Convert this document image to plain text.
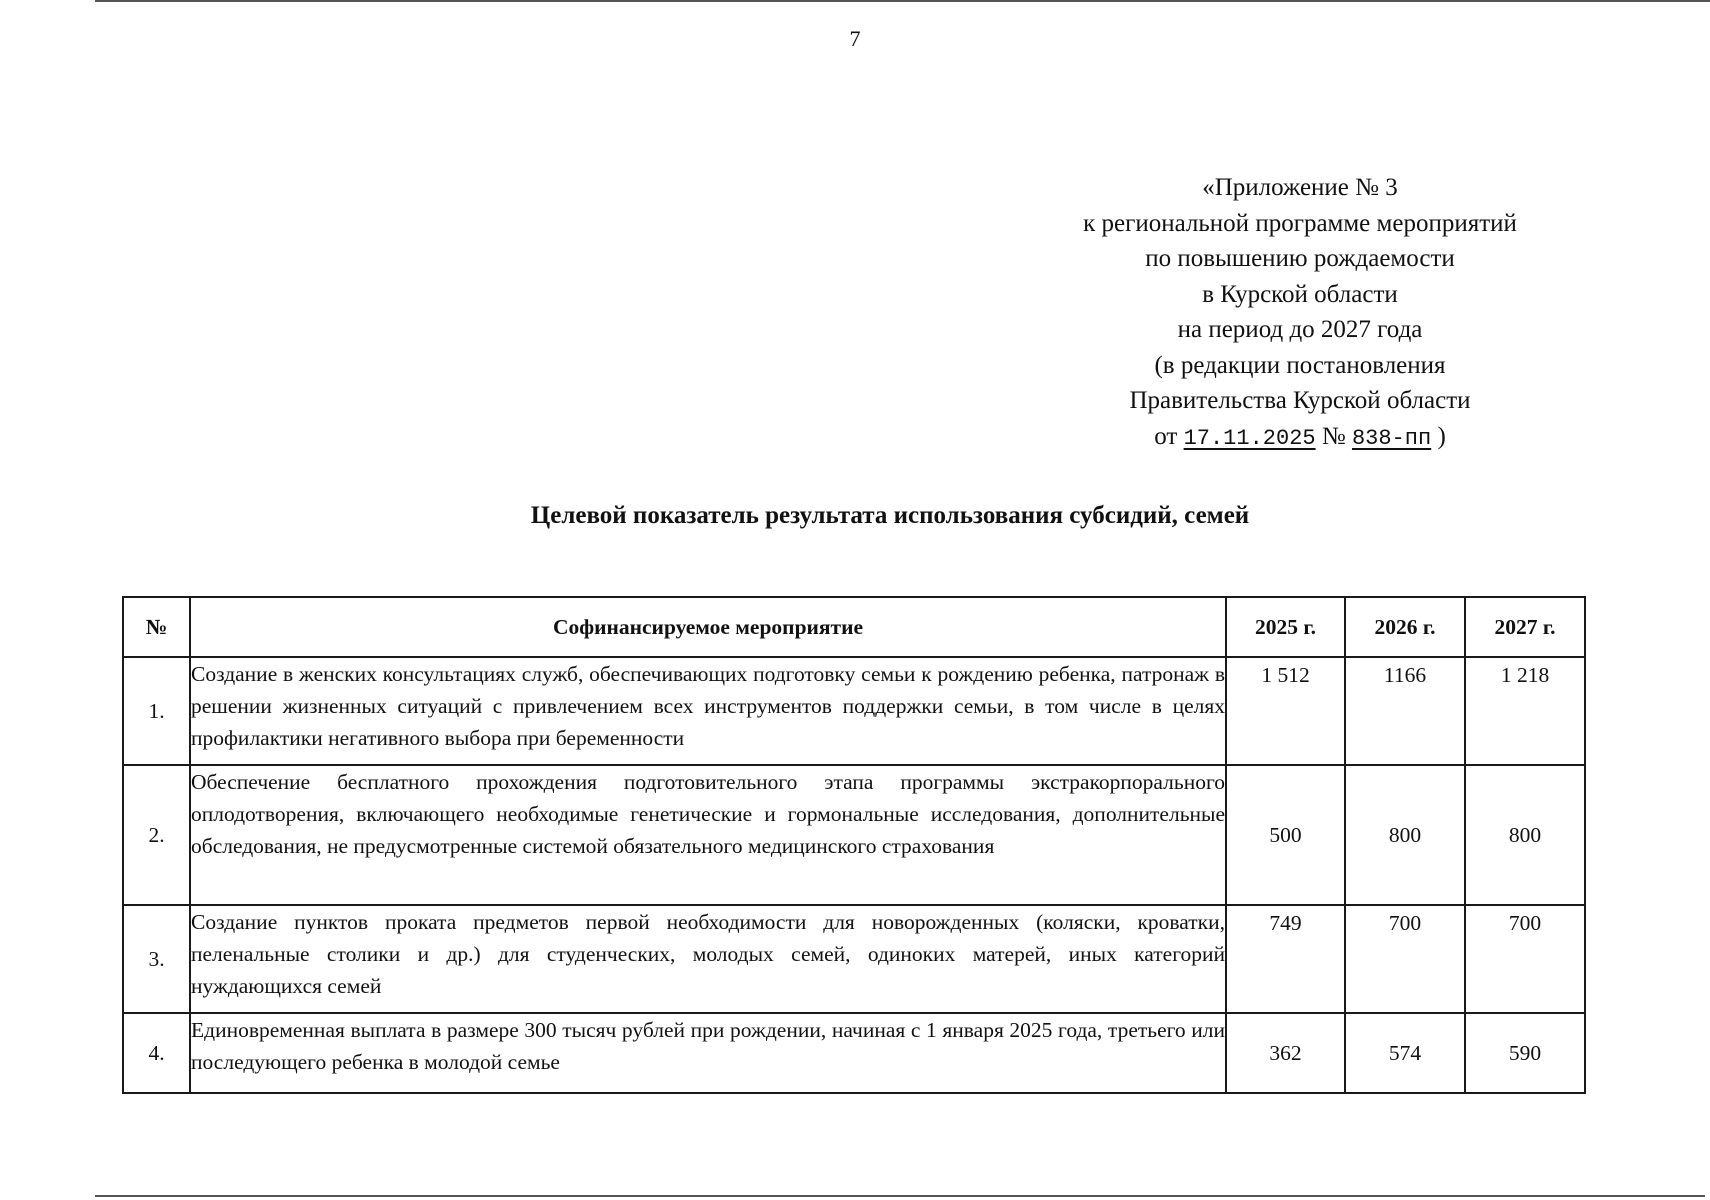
7
«Приложение № 3
к региональной программе мероприятий
по повышению рождаемости
в Курской области
на период до 2027 года
(в редакции постановления
Правительства Курской области
от 17.11.2025 № 838-пп )
Целевой показатель результата использования субсидий, семей
№	Софинансируемое мероприятие	2025 г.	2026 г.	2027 г.
1.	Создание в женских консультациях служб, обеспечивающих подготовку семьи к рождению ребенка, патронаж в решении жизненных ситуаций с привлечением всех инструментов поддержки семьи, в том числе в целях профилактики негативного выбора при беременности	1 512	1166	1 218
2.	Обеспечение бесплатного прохождения подготовительного этапа программы экстракорпорального оплодотворения, включающего необходимые генетические и гормональные исследования, дополнительные обследования, не предусмотренные системой обязательного медицинского страхования	500	800	800
3.	Создание пунктов проката предметов первой необходимости для новорожденных (коляски, кроватки, пеленальные столики и др.) для студенческих, молодых семей, одиноких матерей, иных категорий нуждающихся семей	749	700	700
4.	Единовременная выплата в размере 300 тысяч рублей при рождении, начиная с 1 января 2025 года, третьего или последующего ребенка в молодой семье	362	574	590
